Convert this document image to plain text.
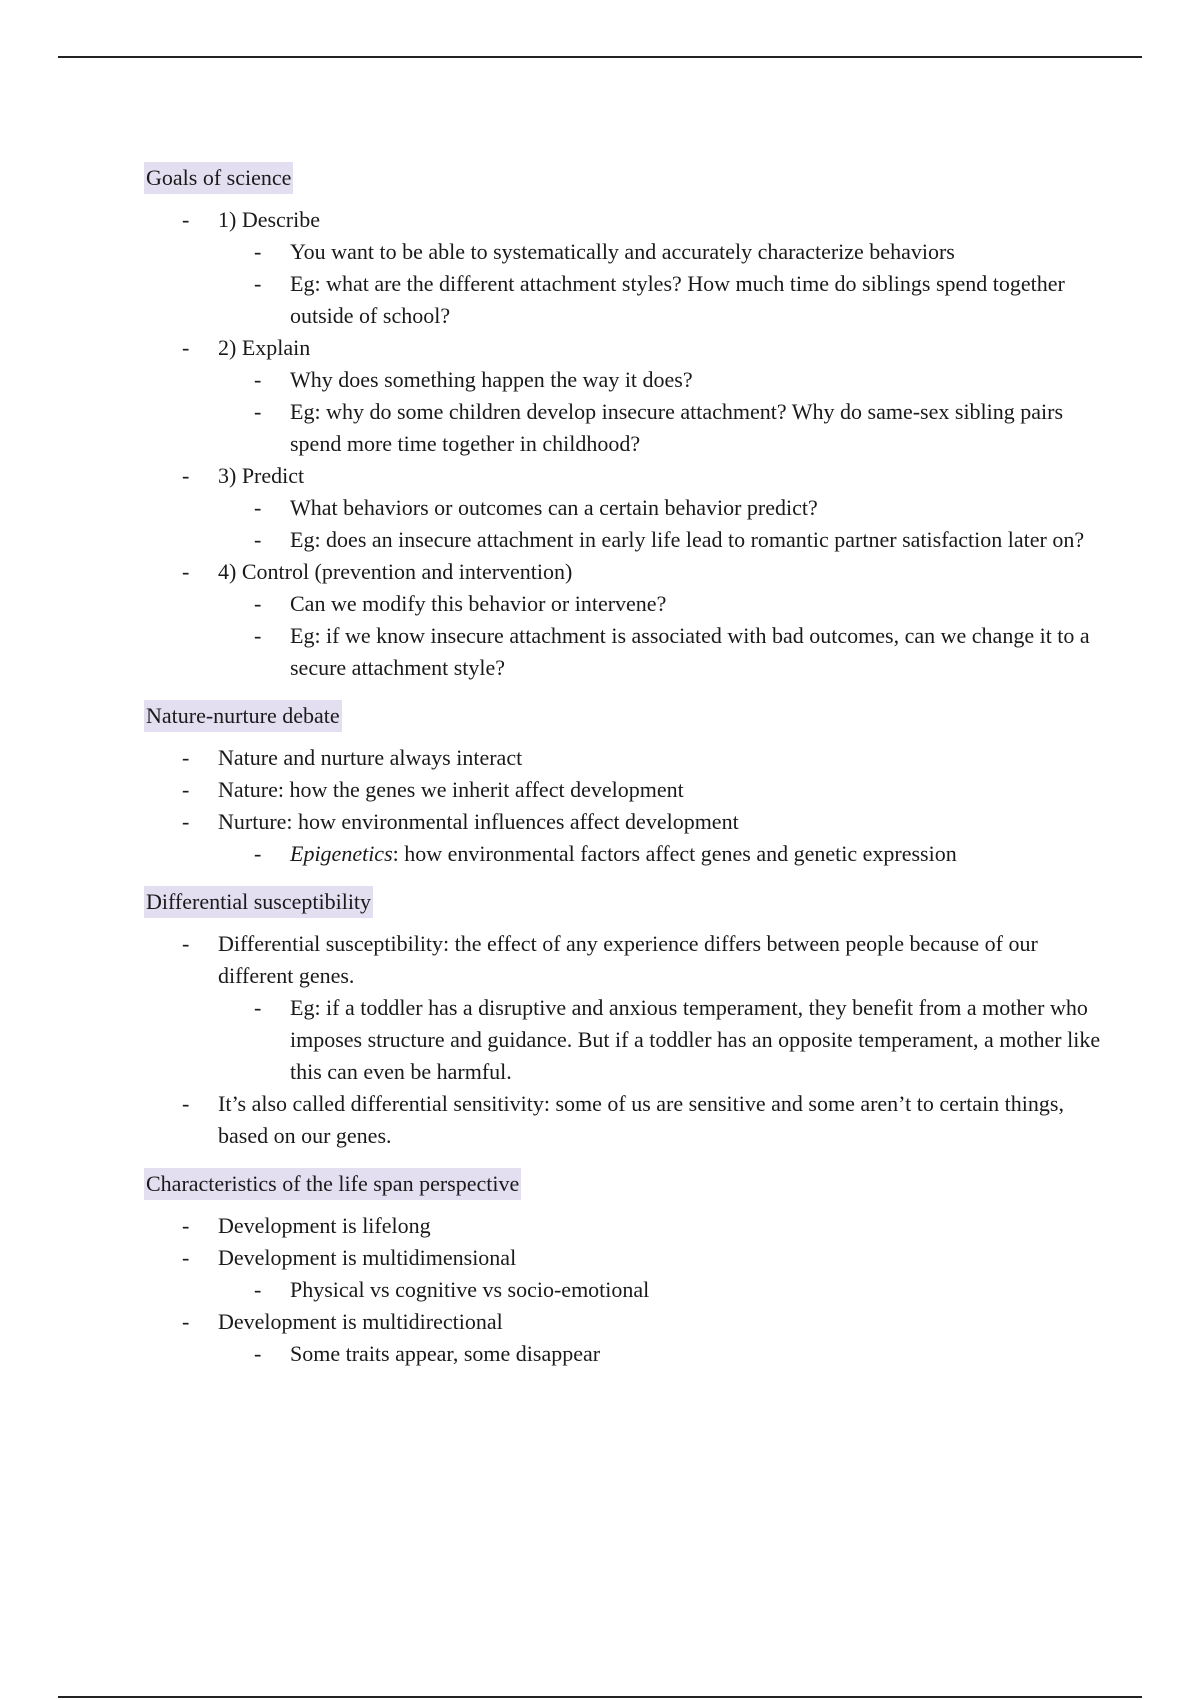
Goals of science
- 1) Describe
- You want to be able to systematically and accurately characterize behaviors
- Eg: what are the different attachment styles? How much time do siblings spend together outside of school?
- 2) Explain
- Why does something happen the way it does?
- Eg: why do some children develop insecure attachment? Why do same-sex sibling pairs spend more time together in childhood?
- 3) Predict
- What behaviors or outcomes can a certain behavior predict?
- Eg: does an insecure attachment in early life lead to romantic partner satisfaction later on?
- 4) Control (prevention and intervention)
- Can we modify this behavior or intervene?
- Eg: if we know insecure attachment is associated with bad outcomes, can we change it to a secure attachment style?
Nature-nurture debate
- Nature and nurture always interact
- Nature: how the genes we inherit affect development
- Nurture: how environmental influences affect development
- Epigenetics: how environmental factors affect genes and genetic expression
Differential susceptibility
- Differential susceptibility: the effect of any experience differs between people because of our different genes.
- Eg: if a toddler has a disruptive and anxious temperament, they benefit from a mother who imposes structure and guidance. But if a toddler has an opposite temperament, a mother like this can even be harmful.
- It’s also called differential sensitivity: some of us are sensitive and some aren’t to certain things, based on our genes.
Characteristics of the life span perspective
- Development is lifelong
- Development is multidimensional
- Physical vs cognitive vs socio-emotional
- Development is multidirectional
- Some traits appear, some disappear
